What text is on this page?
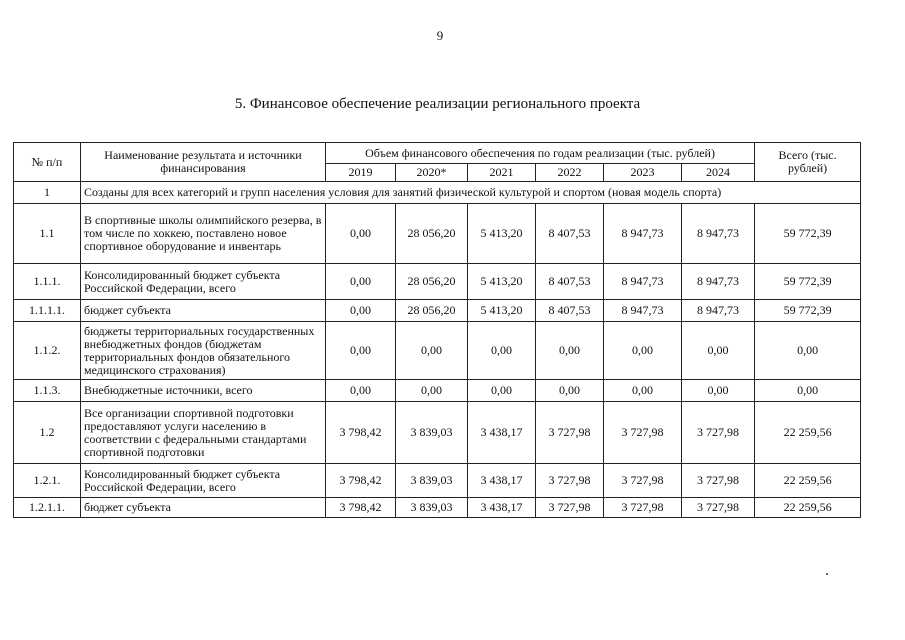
9
5. Финансовое обеспечение реализации регионального проекта
№ п/п	Наименование результата и источники финансирования	Объем финансового обеспечения по годам реализации (тыс. рублей)						Всего (тыс. рублей)
		2019	2020*	2021	2022	2023	2024	
1	Созданы для всех категорий и групп населения условия для занятий физической культурой и спортом (новая модель спорта)							
1.1	В спортивные школы олимпийского резерва, в том числе по хоккею, поставлено новое спортивное оборудование и инвентарь	0,00	28 056,20	5 413,20	8 407,53	8 947,73	8 947,73	59 772,39
1.1.1.	Консолидированный бюджет субъекта Российской Федерации, всего	0,00	28 056,20	5 413,20	8 407,53	8 947,73	8 947,73	59 772,39
1.1.1.1.	бюджет субъекта	0,00	28 056,20	5 413,20	8 407,53	8 947,73	8 947,73	59 772,39
1.1.2.	бюджеты территориальных государственных внебюджетных фондов (бюджетам территориальных фондов обязательного медицинского страхования)	0,00	0,00	0,00	0,00	0,00	0,00	0,00
1.1.3.	Внебюджетные источники, всего	0,00	0,00	0,00	0,00	0,00	0,00	0,00
1.2	Все организации спортивной подготовки предоставляют услуги населению в соответствии с федеральными стандартами спортивной подготовки	3 798,42	3 839,03	3 438,17	3 727,98	3 727,98	3 727,98	22 259,56
1.2.1.	Консолидированный бюджет субъекта Российской Федерации, всего	3 798,42	3 839,03	3 438,17	3 727,98	3 727,98	3 727,98	22 259,56
1.2.1.1.	бюджет субъекта	3 798,42	3 839,03	3 438,17	3 727,98	3 727,98	3 727,98	22 259,56
